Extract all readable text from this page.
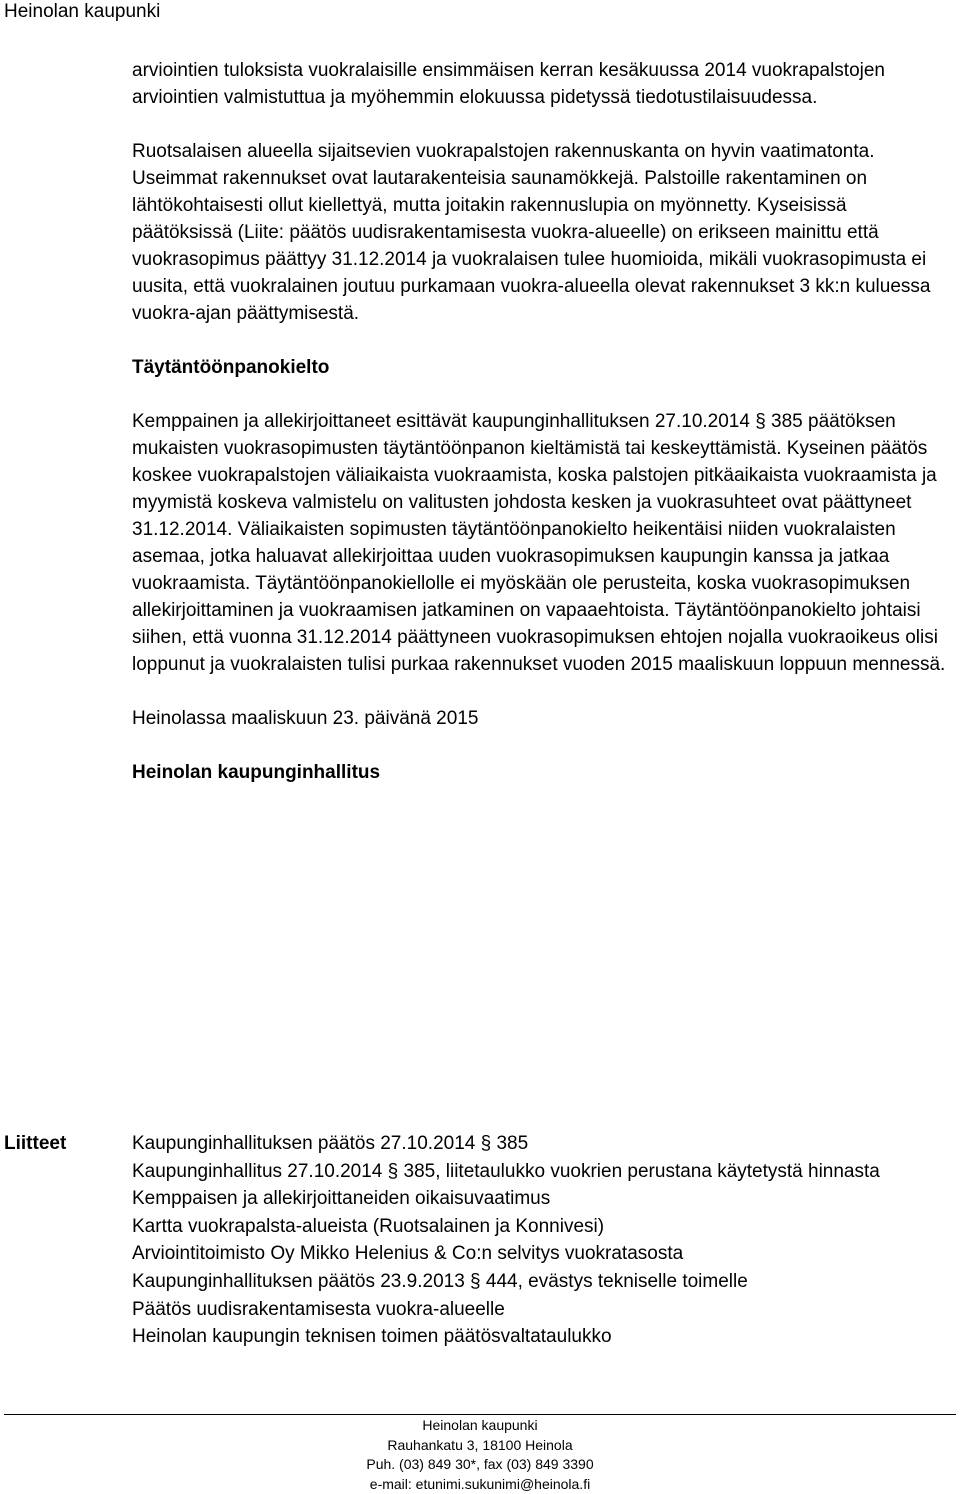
Heinolan kaupunki

arviointien tuloksista vuokralaisille ensimmäisen kerran kesäkuussa 2014 vuokrapalstojen arviointien valmistuttua ja myöhemmin elokuussa pidetyssä tiedotustilaisuudessa.

Ruotsalaisen alueella sijaitsevien vuokrapalstojen rakennuskanta on hyvin vaatimatonta. Useimmat rakennukset ovat lautarakenteisia saunamökkejä. Palstoille rakentaminen on lähtökohtaisesti ollut kiellettyä, mutta joitakin rakennuslupia on myönnetty. Kyseisissä päätöksissä (Liite: päätös uudisrakentamisesta vuokra-alueelle) on erikseen mainittu että vuokrasopimus päättyy 31.12.2014 ja vuokralaisen tulee huomioida, mikäli vuokrasopimusta ei uusita, että vuokralainen joutuu purkamaan vuokra-alueella olevat rakennukset 3 kk:n kuluessa vuokra-ajan päättymisestä.

Täytäntöönpanokielto

Kemppainen ja allekirjoittaneet esittävät kaupunginhallituksen 27.10.2014 § 385 päätöksen mukaisten vuokrasopimusten täytäntöönpanon kieltämistä tai keskeyttämistä. Kyseinen päätös koskee vuokrapalstojen väliaikaista vuokraamista, koska palstojen pitkäaikaista vuokraamista ja myymistä koskeva valmistelu on valitusten johdosta kesken ja vuokrasuhteet ovat päättyneet 31.12.2014. Väliaikaisten sopimusten täytäntöönpanokielto heikentäisi niiden vuokralaisten asemaa, jotka haluavat allekirjoittaa uuden vuokrasopimuksen kaupungin kanssa ja jatkaa vuokraamista. Täytäntöönpanokiellolle ei myöskään ole perusteita, koska vuokrasopimuksen allekirjoittaminen ja vuokraamisen jatkaminen on vapaaehtoista. Täytäntöönpanokielto johtaisi siihen, että vuonna 31.12.2014 päättyneen vuokrasopimuksen ehtojen nojalla vuokraoikeus olisi loppunut ja vuokralaisten tulisi purkaa rakennukset vuoden 2015 maaliskuun loppuun mennessä.

Heinolassa maaliskuun 23. päivänä 2015

Heinolan kaupunginhallitus

Liitteet	Kaupunginhallituksen päätös 27.10.2014 § 385
Kaupunginhallitus 27.10.2014 § 385, liitetaulukko vuokrien perustana käytetystä hinnasta
Kemppaisen ja allekirjoittaneiden oikaisuvaatimus
Kartta vuokrapalsta-alueista (Ruotsalainen ja Konnivesi)
Arviointitoimisto Oy Mikko Helenius & Co:n selvitys vuokratasosta
Kaupunginhallituksen päätös 23.9.2013 § 444, evästys tekniselle toimelle
Päätös uudisrakentamisesta vuokra-alueelle
Heinolan kaupungin teknisen toimen päätösvaltataulukko
Heinolan kaupunki
Rauhankatu 3, 18100 Heinola
Puh. (03) 849 30*, fax (03) 849 3390
e-mail: etunimi.sukunimi@heinola.fi
